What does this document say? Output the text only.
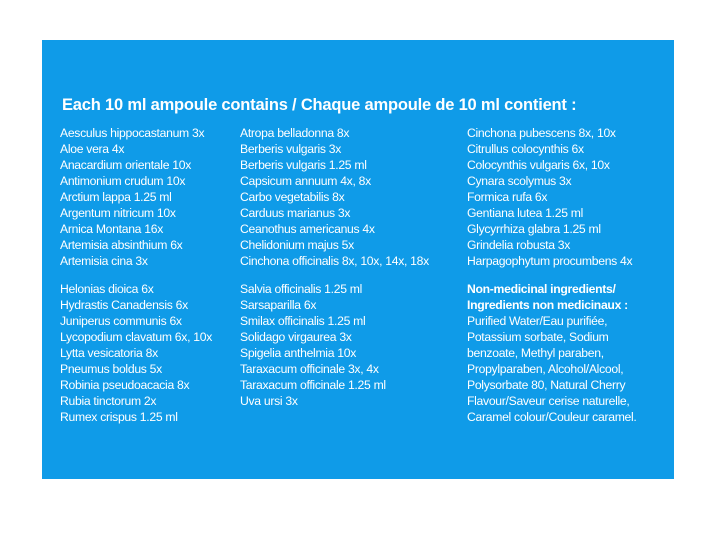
Each 10 ml ampoule contains / Chaque ampoule de 10 ml contient :
Aesculus hippocastanum 3x
Aloe vera 4x
Anacardium orientale 10x
Antimonium crudum 10x
Arctium lappa 1.25 ml
Argentum nitricum 10x
Arnica Montana 16x
Artemisia absinthium 6x
Artemisia cina 3x
Helonias dioica 6x
Hydrastis Canadensis 6x
Juniperus communis 6x
Lycopodium clavatum 6x, 10x
Lytta vesicatoria 8x
Pneumus boldus 5x
Robinia pseudoacacia 8x
Rubia tinctorum 2x
Rumex crispus 1.25 ml
Atropa belladonna 8x
Berberis vulgaris 3x
Berberis vulgaris 1.25 ml
Capsicum annuum 4x, 8x
Carbo vegetabilis 8x
Carduus marianus 3x
Ceanothus americanus 4x
Chelidonium majus 5x
Cinchona officinalis 8x, 10x, 14x, 18x
Salvia officinalis 1.25 ml
Sarsaparilla 6x
Smilax officinalis 1.25 ml
Solidago virgaurea 3x
Spigelia anthelmia 10x
Taraxacum officinale 3x, 4x
Taraxacum officinale 1.25 ml
Uva ursi 3x
Cinchona pubescens 8x, 10x
Citrullus colocynthis 6x
Colocynthis vulgaris 6x, 10x
Cynara scolymus 3x
Formica rufa 6x
Gentiana lutea 1.25 ml
Glycyrrhiza glabra 1.25 ml
Grindelia robusta 3x
Harpagophytum procumbens 4x
Non-medicinal ingredients/
Ingredients non medicinaux :
Purified Water/Eau purifiée,
Potassium sorbate, Sodium
benzoate, Methyl paraben,
Propylparaben, Alcohol/Alcool,
Polysorbate 80, Natural Cherry
Flavour/Saveur cerise naturelle,
Caramel colour/Couleur caramel.
